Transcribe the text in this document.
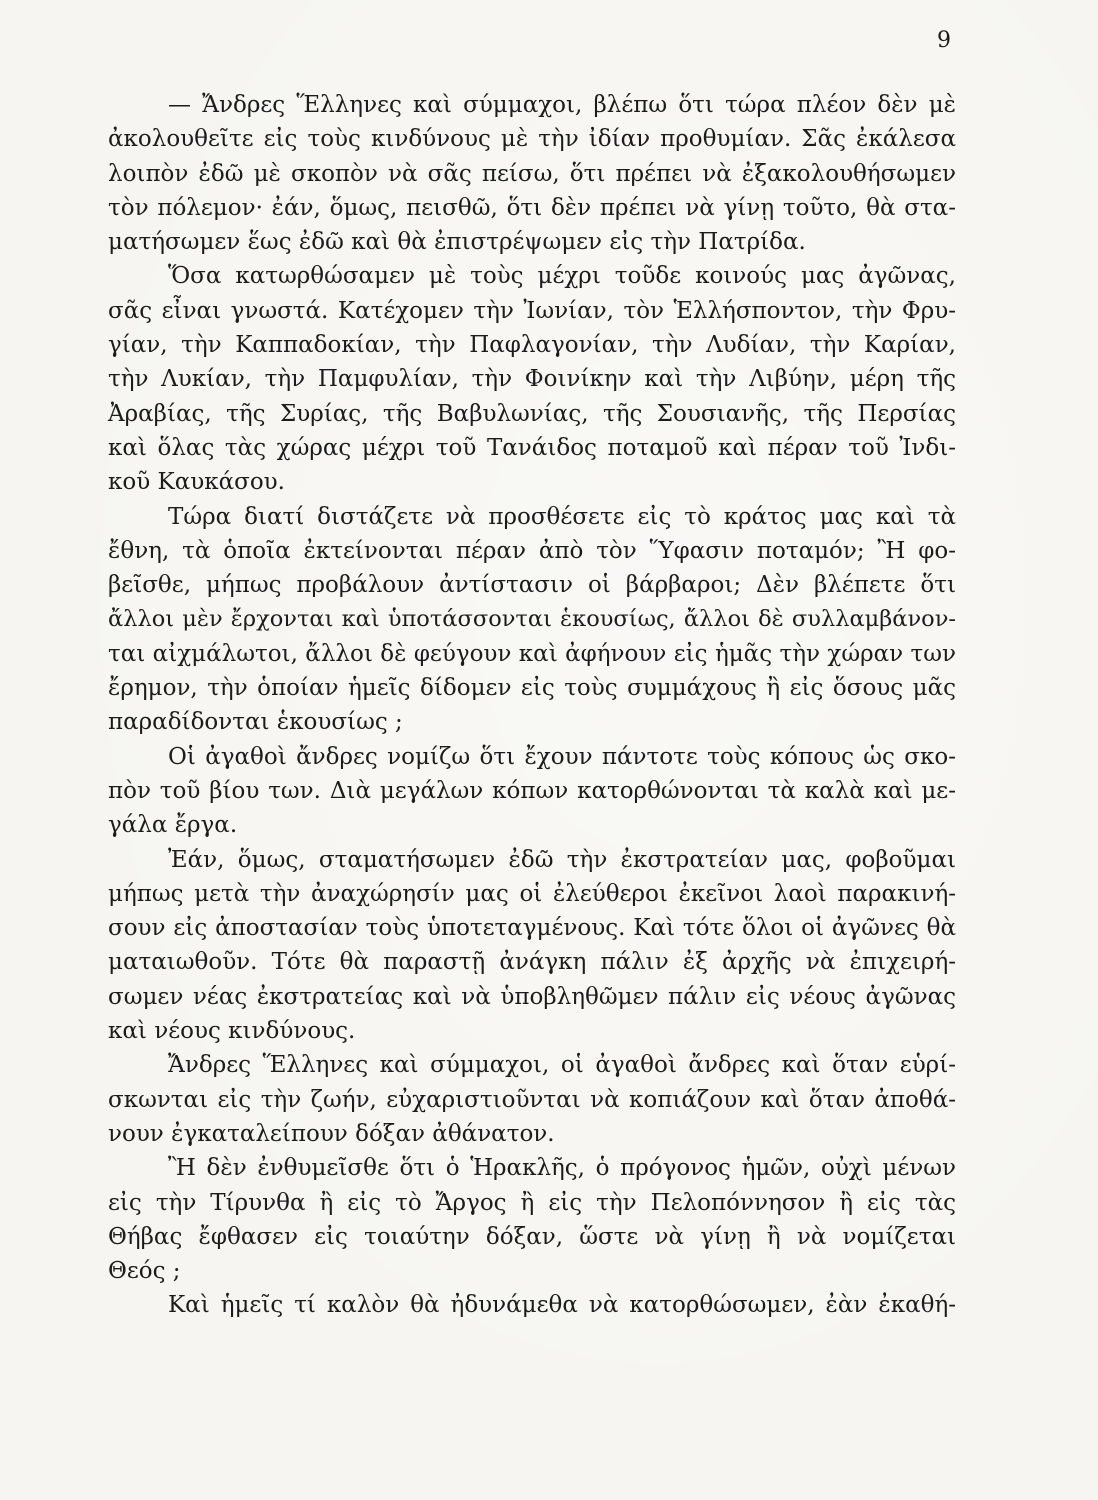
9
— Ἄνδρες Ἕλληνες καὶ σύμμαχοι, βλέπω ὅτι τώρα πλέον δὲν μὲ
ἀκολουθεῖτε εἰς τοὺς κινδύνους μὲ τὴν ἰδίαν προθυμίαν. Σᾶς ἐκάλεσα
λοιπὸν ἐδῶ μὲ σκοπὸν νὰ σᾶς πείσω, ὅτι πρέπει νὰ ἐξακολουθήσωμεν
τὸν πόλεμον· ἐάν, ὅμως, πεισθῶ, ὅτι δὲν πρέπει νὰ γίνῃ τοῦτο, θὰ στα-
ματήσωμεν ἕως ἐδῶ καὶ θὰ ἐπιστρέψωμεν εἰς τὴν Πατρίδα.
Ὅσα κατωρθώσαμεν μὲ τοὺς μέχρι τοῦδε κοινούς μας ἀγῶνας,
σᾶς εἶναι γνωστά. Κατέχομεν τὴν Ἰωνίαν, τὸν Ἑλλήσποντον, τὴν Φρυ-
γίαν, τὴν Καππαδοκίαν, τὴν Παφλαγονίαν, τὴν Λυδίαν, τὴν Καρίαν,
τὴν Λυκίαν, τὴν Παμφυλίαν, τὴν Φοινίκην καὶ τὴν Λιβύην, μέρη τῆς
Ἀραβίας, τῆς Συρίας, τῆς Βαβυλωνίας, τῆς Σουσιανῆς, τῆς Περσίας
καὶ ὅλας τὰς χώρας μέχρι τοῦ Τανάιδος ποταμοῦ καὶ πέραν τοῦ Ἰνδι-
κοῦ Καυκάσου.
Τώρα διατί διστάζετε νὰ προσθέσετε εἰς τὸ κράτος μας καὶ τὰ
ἔθνη, τὰ ὁποῖα ἐκτείνονται πέραν ἀπὸ τὸν Ὕφασιν ποταμόν; Ἢ φο-
βεῖσθε, μήπως προβάλουν ἀντίστασιν οἱ βάρβαροι; Δὲν βλέπετε ὅτι
ἄλλοι μὲν ἔρχονται καὶ ὑποτάσσονται ἑκουσίως, ἄλλοι δὲ συλλαμβάνον-
ται αἰχμάλωτοι, ἄλλοι δὲ φεύγουν καὶ ἀφήνουν εἰς ἡμᾶς τὴν χώραν των
ἔρημον, τὴν ὁποίαν ἡμεῖς δίδομεν εἰς τοὺς συμμάχους ἢ εἰς ὅσους μᾶς
παραδίδονται ἑκουσίως ;
Οἱ ἀγαθοὶ ἄνδρες νομίζω ὅτι ἔχουν πάντοτε τοὺς κόπους ὡς σκο-
πὸν τοῦ βίου των. Διὰ μεγάλων κόπων κατορθώνονται τὰ καλὰ καὶ με-
γάλα ἔργα.
Ἐάν, ὅμως, σταματήσωμεν ἐδῶ τὴν ἐκστρατείαν μας, φοβοῦμαι
μήπως μετὰ τὴν ἀναχώρησίν μας οἱ ἐλεύθεροι ἐκεῖνοι λαοὶ παρακινή-
σουν εἰς ἀποστασίαν τοὺς ὑποτεταγμένους. Καὶ τότε ὅλοι οἱ ἀγῶνες θὰ
ματαιωθοῦν. Τότε θὰ παραστῇ ἀνάγκη πάλιν ἐξ ἀρχῆς νὰ ἐπιχειρή-
σωμεν νέας ἐκστρατείας καὶ νὰ ὑποβληθῶμεν πάλιν εἰς νέους ἀγῶνας
καὶ νέους κινδύνους.
Ἄνδρες Ἕλληνες καὶ σύμμαχοι, οἱ ἀγαθοὶ ἄνδρες καὶ ὅταν εὑρί-
σκωνται εἰς τὴν ζωήν, εὐχαριστιοῦνται νὰ κοπιάζουν καὶ ὅταν ἀποθά-
νουν ἐγκαταλείπουν δόξαν ἀθάνατον.
Ἢ δὲν ἐνθυμεῖσθε ὅτι ὁ Ἡρακλῆς, ὁ πρόγονος ἡμῶν, οὐχὶ μένων
εἰς τὴν Τίρυνθα ἢ εἰς τὸ Ἄργος ἢ εἰς τὴν Πελοπόννησον ἢ εἰς τὰς
Θήβας ἔφθασεν εἰς τοιαύτην δόξαν, ὥστε νὰ γίνῃ ἢ νὰ νομίζεται
Θεός ;
Καὶ ἡμεῖς τί καλὸν θὰ ἠδυνάμεθα νὰ κατορθώσωμεν, ἐὰν ἐκαθή-
